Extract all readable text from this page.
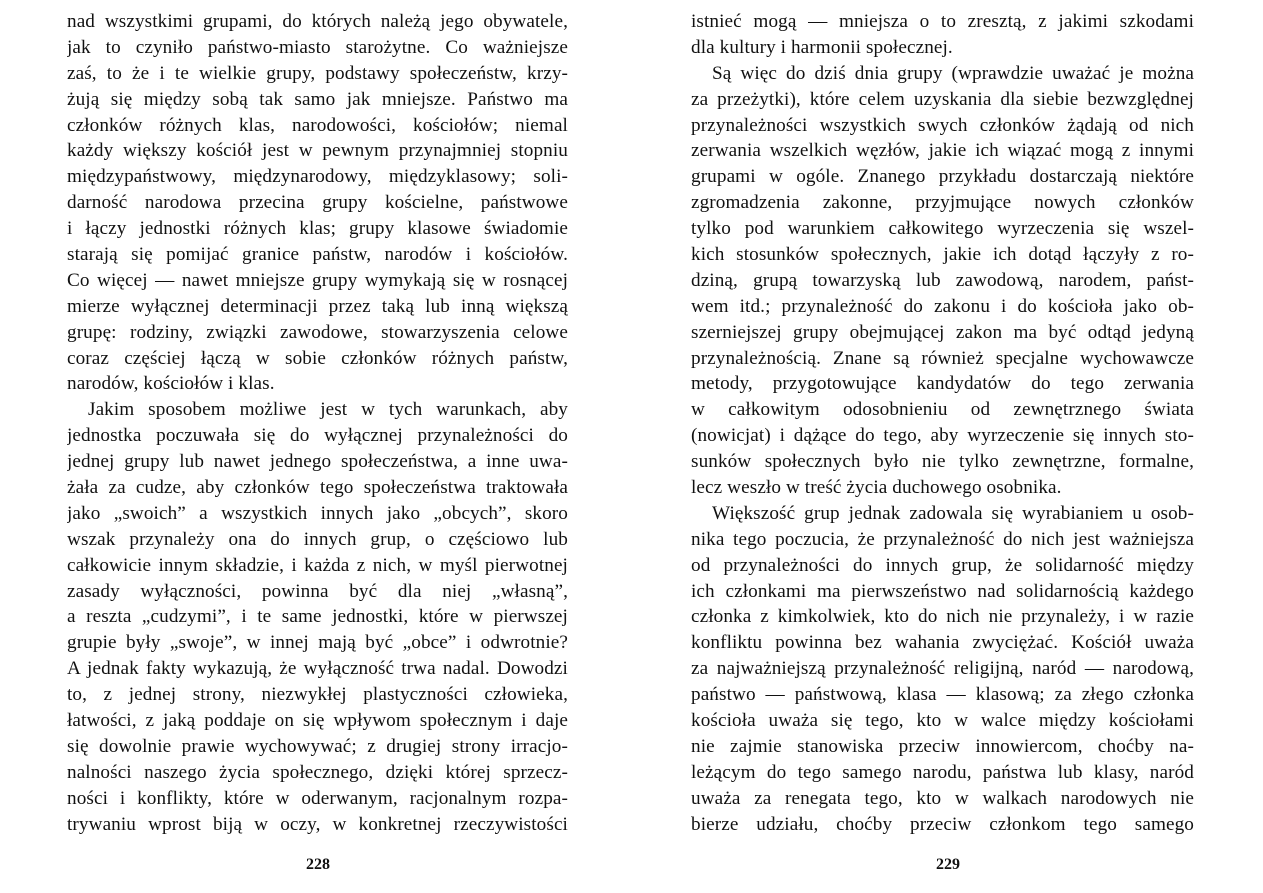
nad wszystkimi grupami, do których należą jego obywatele,
jak to czyniło państwo-miasto starożytne. Co ważniejsze
zaś, to że i te wielkie grupy, podstawy społeczeństw, krzy-
żują się między sobą tak samo jak mniejsze. Państwo ma
członków różnych klas, narodowości, kościołów; niemal
każdy większy kościół jest w pewnym przynajmniej stopniu
międzypaństwowy, międzynarodowy, międzyklasowy; soli-
darność narodowa przecina grupy kościelne, państwowe
i łączy jednostki różnych klas; grupy klasowe świadomie
starają się pomijać granice państw, narodów i kościołów.
Co więcej — nawet mniejsze grupy wymykają się w rosnącej
mierze wyłącznej determinacji przez taką lub inną większą
grupę: rodziny, związki zawodowe, stowarzyszenia celowe
coraz częściej łączą w sobie członków różnych państw,
narodów, kościołów i klas.
Jakim sposobem możliwe jest w tych warunkach, aby
jednostka poczuwała się do wyłącznej przynależności do
jednej grupy lub nawet jednego społeczeństwa, a inne uwa-
żała za cudze, aby członków tego społeczeństwa traktowała
jako „swoich” a wszystkich innych jako „obcych”, skoro
wszak przynależy ona do innych grup, o częściowo lub
całkowicie innym składzie, i każda z nich, w myśl pierwotnej
zasady wyłączności, powinna być dla niej „własną”,
a reszta „cudzymi”, i te same jednostki, które w pierwszej
grupie były „swoje”, w innej mają być „obce” i odwrotnie?
A jednak fakty wykazują, że wyłączność trwa nadal. Dowodzi
to, z jednej strony, niezwykłej plastyczności człowieka,
łatwości, z jaką poddaje on się wpływom społecznym i daje
się dowolnie prawie wychowywać; z drugiej strony irracjo-
nalności naszego życia społecznego, dzięki której sprzecz-
ności i konflikty, które w oderwanym, racjonalnym rozpa-
trywaniu wprost biją w oczy, w konkretnej rzeczywistości
228
istnieć mogą — mniejsza o to zresztą, z jakimi szkodami
dla kultury i harmonii społecznej.
Są więc do dziś dnia grupy (wprawdzie uważać je można
za przeżytki), które celem uzyskania dla siebie bezwzględnej
przynależności wszystkich swych członków żądają od nich
zerwania wszelkich węzłów, jakie ich wiązać mogą z innymi
grupami w ogóle. Znanego przykładu dostarczają niektóre
zgromadzenia zakonne, przyjmujące nowych członków
tylko pod warunkiem całkowitego wyrzeczenia się wszel-
kich stosunków społecznych, jakie ich dotąd łączyły z ro-
dziną, grupą towarzyską lub zawodową, narodem, państ-
wem itd.; przynależność do zakonu i do kościoła jako ob-
szerniejszej grupy obejmującej zakon ma być odtąd jedyną
przynależnością. Znane są również specjalne wychowawcze
metody, przygotowujące kandydatów do tego zerwania
w całkowitym odosobnieniu od zewnętrznego świata
(nowicjat) i dążące do tego, aby wyrzeczenie się innych sto-
sunków społecznych było nie tylko zewnętrzne, formalne,
lecz weszło w treść życia duchowego osobnika.
Większość grup jednak zadowala się wyrabianiem u osob-
nika tego poczucia, że przynależność do nich jest ważniejsza
od przynależności do innych grup, że solidarność między
ich członkami ma pierwszeństwo nad solidarnością każdego
członka z kimkolwiek, kto do nich nie przynależy, i w razie
konfliktu powinna bez wahania zwyciężać. Kościół uważa
za najważniejszą przynależność religijną, naród — narodową,
państwo — państwową, klasa — klasową; za złego członka
kościoła uważa się tego, kto w walce między kościołami
nie zajmie stanowiska przeciw innowiercom, choćby na-
leżącym do tego samego narodu, państwa lub klasy, naród
uważa za renegata tego, kto w walkach narodowych nie
bierze udziału, choćby przeciw członkom tego samego
229
